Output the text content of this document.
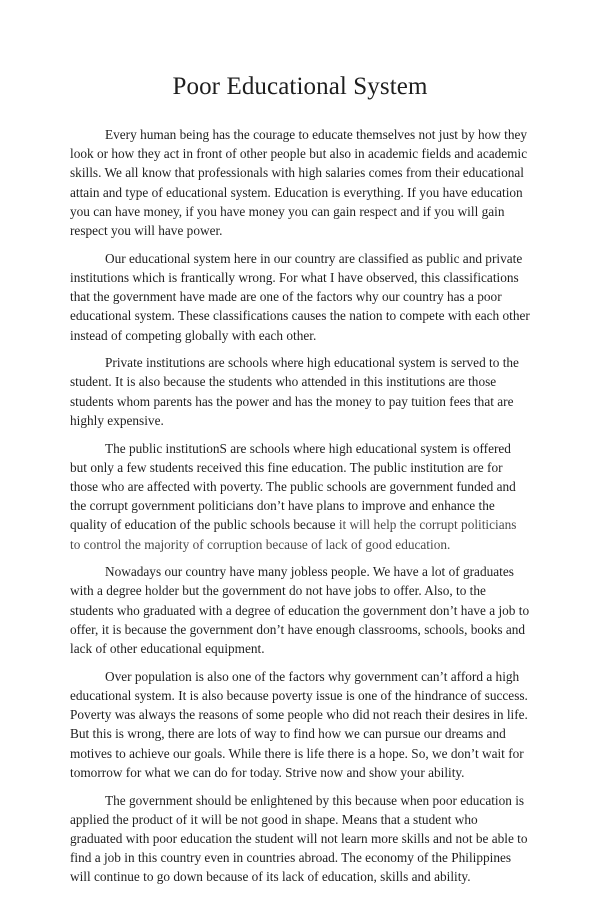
Poor Educational System

Every human being has the courage to educate themselves not just by how they look or how they act in front of other people but also in academic fields and academic skills. We all know that professionals with high salaries comes from their educational attain and type of educational system. Education is everything. If you have education you can have money, if you have money you can gain respect and if you will gain respect you will have power.

Our educational system here in our country are classified as public and private institutions which is frantically wrong. For what I have observed, this classifications that the government have made are one of the factors why our country has a poor educational system. These classifications causes the nation to compete with each other instead of competing globally with each other.

Private institutions are schools where high educational system is served to the student. It is also because the students who attended in this institutions are those students whom parents has the power and has the money to pay tuition fees that are highly expensive.

The public institutionS are schools where high educational system is offered but only a few students received this fine education. The public institution are for those who are affected with poverty. The public schools are government funded and the corrupt government politicians don’t have plans to improve and enhance the quality of education of the public schools because it will help the corrupt politicians to control the majority of corruption because of lack of good education.

Nowadays our country have many jobless people. We have a lot of graduates with a degree holder but the government do not have jobs to offer. Also, to the students who graduated with a degree of education the government don’t have a job to offer, it is because the government don’t have enough classrooms, schools, books and lack of other educational equipment.

Over population is also one of the factors why government can’t afford a high educational system. It is also because poverty issue is one of the hindrance of success. Poverty was always the reasons of some people who did not reach their desires in life. But this is wrong, there are lots of way to find how we can pursue our dreams and motives to achieve our goals. While there is life there is a hope. So, we don’t wait for tomorrow for what we can do for today. Strive now and show your ability.

The government should be enlightened by this because when poor education is applied the product of it will be not good in shape. Means that a student who graduated with poor education the student will not learn more skills and not be able to find a job in this country even in countries abroad. The economy of the Philippines will continue to go down because of its lack of education, skills and ability.
